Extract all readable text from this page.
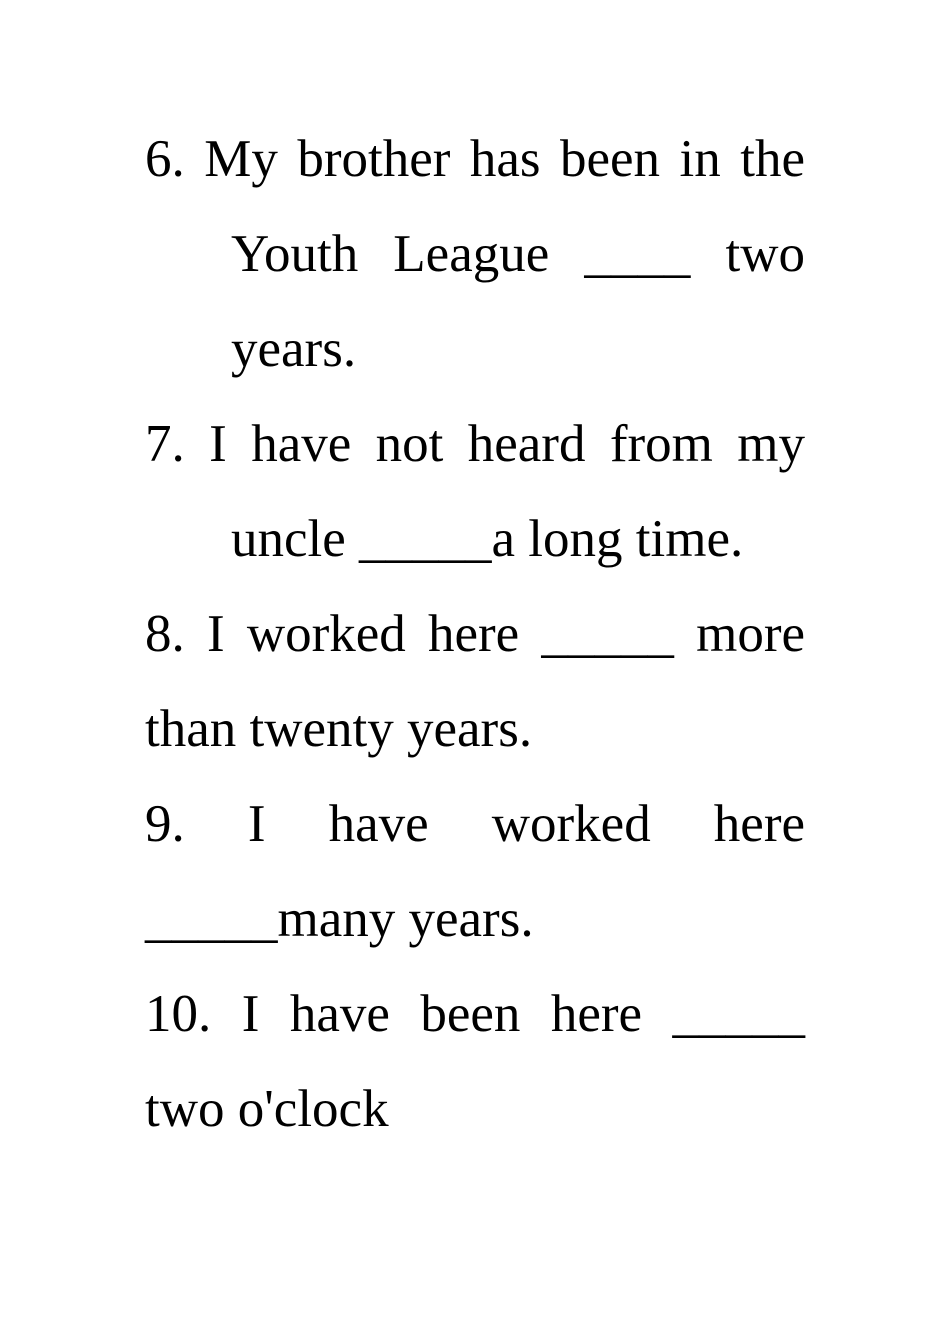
6. My brother has been in the Youth League ____ two years.

7. I have not heard from my uncle _____a long time.

8. I worked here _____ more than twenty years.

9. I have worked here _____many years.

10. I have been here _____ two o'clock
